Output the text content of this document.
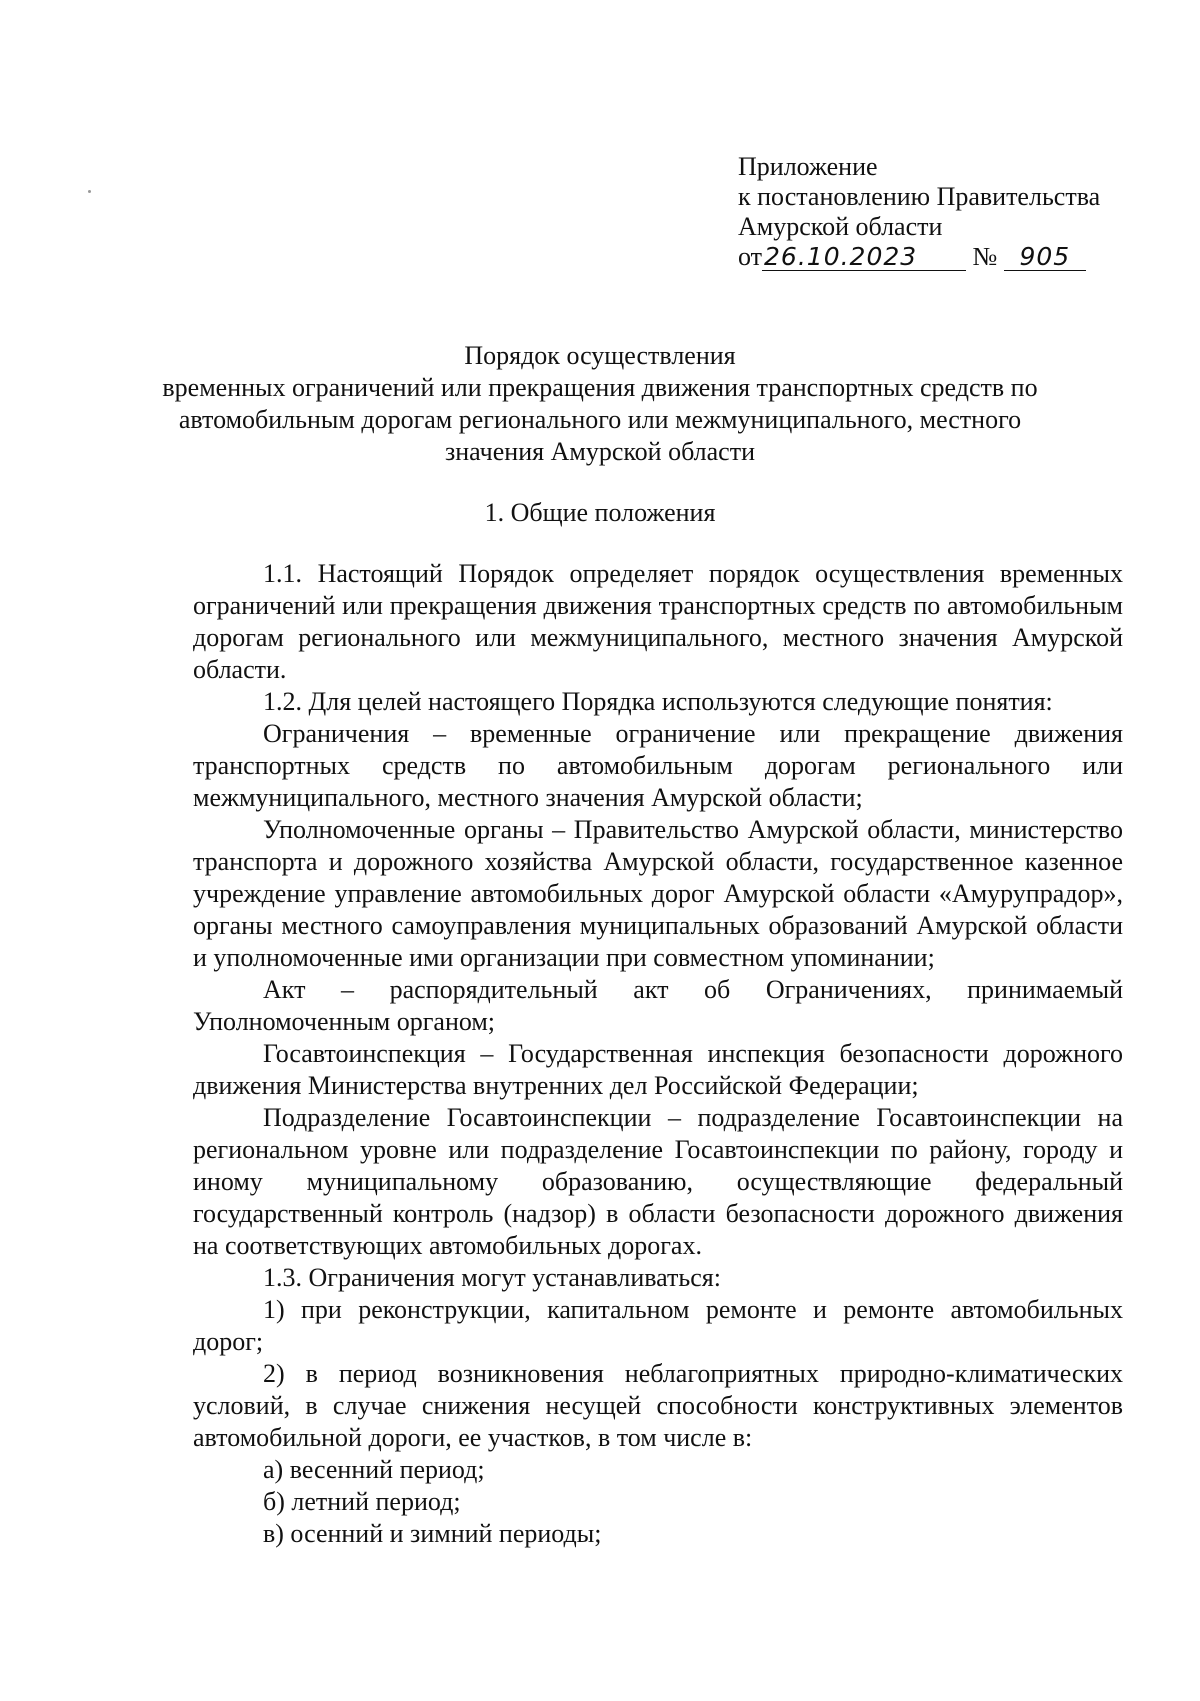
Приложение
к постановлению Правительства
Амурской области
от26.10.2023 № 905
Порядок осуществления
временных ограничений или прекращения движения транспортных средств по
автомобильным дорогам регионального или межмуниципального, местного
значения Амурской области
1. Общие положения

1.1. Настоящий Порядок определяет порядок осуществления временных ограничений или прекращения движения транспортных средств по автомобильным дорогам регионального или межмуниципального, местного значения Амурской области.

1.2. Для целей настоящего Порядка используются следующие понятия:

Ограничения – временные ограничение или прекращение движения транспортных средств по автомобильным дорогам регионального или межмуниципального, местного значения Амурской области;

Уполномоченные органы – Правительство Амурской области, министерство транспорта и дорожного хозяйства Амурской области, государственное казенное учреждение управление автомобильных дорог Амурской области «Амурупрадор», органы местного самоуправления муниципальных образований Амурской области и уполномоченные ими организации при совместном упоминании;

Акт – распорядительный акт об Ограничениях, принимаемый Уполномоченным органом;

Госавтоинспекция – Государственная инспекция безопасности дорожного движения Министерства внутренних дел Российской Федерации;

Подразделение Госавтоинспекции – подразделение Госавтоинспекции на региональном уровне или подразделение Госавтоинспекции по району, городу и иному муниципальному образованию, осуществляющие федеральный государственный контроль (надзор) в области безопасности дорожного движения на соответствующих автомобильных дорогах.

1.3. Ограничения могут устанавливаться:

1) при реконструкции, капитальном ремонте и ремонте автомобильных дорог;

2) в период возникновения неблагоприятных природно-климатических условий, в случае снижения несущей способности конструктивных элементов автомобильной дороги, ее участков, в том числе в:

а) весенний период;

б) летний период;

в) осенний и зимний периоды;
